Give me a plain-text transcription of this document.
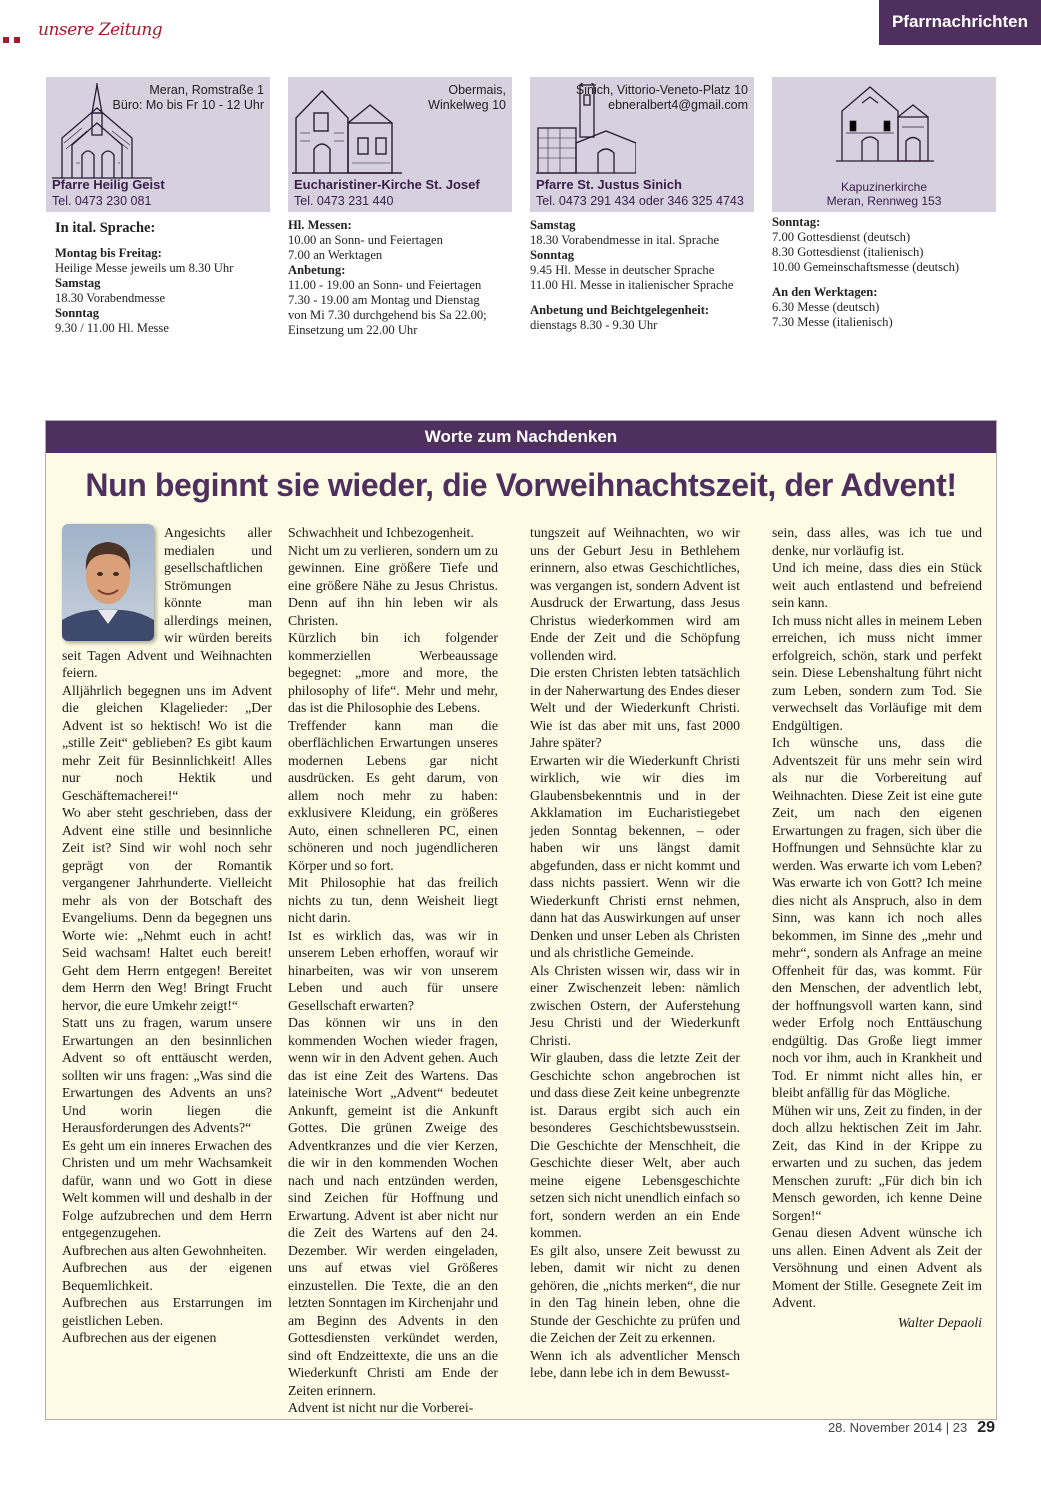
unsere Zeitung	Pfarrnachrichten
Meran, Romstraße 1
Büro: Mo bis Fr 10 - 12 Uhr
Pfarre Heilig Geist
Tel. 0473 230 081
Obermais,
Winkelweg 10
Eucharistiner-Kirche St. Josef
Tel. 0473 231 440
Sinich, Vittorio-Veneto-Platz 10
ebneralbert4@gmail.com
Pfarre St. Justus Sinich
Tel. 0473 291 434 oder 346 325 4743
Kapuzinerkirche
Meran, Rennweg 153
In ital. Sprache:
Montag bis Freitag:
Heilige Messe jeweils um 8.30 Uhr
Samstag
18.30 Vorabendmesse
Sonntag
9.30 / 11.00 Hl. Messe
Hl. Messen:
10.00 an Sonn- und Feiertagen
7.00 an Werktagen
Anbetung:
11.00 - 19.00 an Sonn- und Feiertagen
7.30 - 19.00 am Montag und Dienstag
von Mi 7.30 durchgehend bis Sa 22.00;
Einsetzung um 22.00 Uhr
Samstag
18.30 Vorabendmesse in ital. Sprache
Sonntag
9.45 Hl. Messe in deutscher Sprache
11.00 Hl. Messe in italienischer Sprache
Anbetung und Beichtgelegenheit:
dienstags 8.30 - 9.30 Uhr
Sonntag:
7.00 Gottesdienst (deutsch)
8.30 Gottesdienst (italienisch)
10.00 Gemeinschaftsmesse (deutsch)
An den Werktagen:
6.30 Messe (deutsch)
7.30 Messe (italienisch)
Worte zum Nachdenken
Nun beginnt sie wieder, die Vorweihnachtszeit, der Advent!

Angesichts aller medialen und gesellschaftlichen Strömungen könnte man allerdings meinen, wir würden bereits seit Tagen Advent und Weihnachten feiern.

Alljährlich begegnen uns im Advent die gleichen Klagelieder: „Der Advent ist so hektisch! Wo ist die „stille Zeit“ geblieben? Es gibt kaum mehr Zeit für Besinnlichkeit! Alles nur noch Hektik und Geschäftemacherei!“

Wo aber steht geschrieben, dass der Advent eine stille und besinnliche Zeit ist? Sind wir wohl noch sehr geprägt von der Romantik vergangener Jahrhunderte. Vielleicht mehr als von der Botschaft des Evangeliums. Denn da begegnen uns Worte wie: „Nehmt euch in acht! Seid wachsam! Haltet euch bereit! Geht dem Herrn entgegen! Bereitet dem Herrn den Weg! Bringt Frucht hervor, die eure Umkehr zeigt!“

Statt uns zu fragen, warum unsere Erwartungen an den besinnlichen Advent so oft enttäuscht werden, sollten wir uns fragen: „Was sind die Erwartungen des Advents an uns? Und worin liegen die Herausforderungen des Advents?“

Es geht um ein inneres Erwachen des Christen und um mehr Wachsamkeit dafür, wann und wo Gott in diese Welt kommen will und deshalb in der Folge aufzubrechen und dem Herrn entgegenzugehen.

Aufbrechen aus alten Gewohnheiten.

Aufbrechen aus der eigenen Bequemlichkeit.

Aufbrechen aus Erstarrungen im geistlichen Leben.

Aufbrechen aus der eigenen

Schwachheit und Ichbezogenheit.

Nicht um zu verlieren, sondern um zu gewinnen. Eine größere Tiefe und eine größere Nähe zu Jesus Christus. Denn auf ihn hin leben wir als Christen.

Kürzlich bin ich folgender kommerziellen Werbeaussage begegnet: „more and more, the philosophy of life“. Mehr und mehr, das ist die Philosophie des Lebens.

Treffender kann man die oberflächlichen Erwartungen unseres modernen Lebens gar nicht ausdrücken. Es geht darum, von allem noch mehr zu haben: exklusivere Kleidung, ein größeres Auto, einen schnelleren PC, einen schöneren und noch jugendlicheren Körper und so fort.

Mit Philosophie hat das freilich nichts zu tun, denn Weisheit liegt nicht darin.

Ist es wirklich das, was wir in unserem Leben erhoffen, worauf wir hinarbeiten, was wir von unserem Leben und auch für unsere Gesellschaft erwarten?

Das können wir uns in den kommenden Wochen wieder fragen, wenn wir in den Advent gehen. Auch das ist eine Zeit des Wartens. Das lateinische Wort „Advent“ bedeutet Ankunft, gemeint ist die Ankunft Gottes. Die grünen Zweige des Adventkranzes und die vier Kerzen, die wir in den kommenden Wochen nach und nach entzünden werden, sind Zeichen für Hoffnung und Erwartung. Advent ist aber nicht nur die Zeit des Wartens auf den 24. Dezember. Wir werden eingeladen, uns auf etwas viel Größeres einzustellen. Die Texte, die an den letzten Sonntagen im Kirchenjahr und am Beginn des Advents in den Gottesdiensten verkündet werden, sind oft Endzeittexte, die uns an die Wiederkunft Christi am Ende der Zeiten erinnern.

Advent ist nicht nur die Vorberei-

tungszeit auf Weihnachten, wo wir uns der Geburt Jesu in Bethlehem erinnern, also etwas Geschichtliches, was vergangen ist, sondern Advent ist Ausdruck der Erwartung, dass Jesus Christus wiederkommen wird am Ende der Zeit und die Schöpfung vollenden wird.

Die ersten Christen lebten tatsächlich in der Naherwartung des Endes dieser Welt und der Wiederkunft Christi. Wie ist das aber mit uns, fast 2000 Jahre später?

Erwarten wir die Wiederkunft Christi wirklich, wie wir dies im Glaubensbekenntnis und in der Akklamation im Eucharistiegebet jeden Sonntag bekennen, – oder haben wir uns längst damit abgefunden, dass er nicht kommt und dass nichts passiert. Wenn wir die Wiederkunft Christi ernst nehmen, dann hat das Auswirkungen auf unser Denken und unser Leben als Christen und als christliche Gemeinde.

Als Christen wissen wir, dass wir in einer Zwischenzeit leben: nämlich zwischen Ostern, der Auferstehung Jesu Christi und der Wiederkunft Christi.

Wir glauben, dass die letzte Zeit der Geschichte schon angebrochen ist und dass diese Zeit keine unbegrenzte ist. Daraus ergibt sich auch ein besonderes Geschichtsbewusstsein. Die Geschichte der Menschheit, die Geschichte dieser Welt, aber auch meine eigene Lebensgeschichte setzen sich nicht unendlich einfach so fort, sondern werden an ein Ende kommen.

Es gilt also, unsere Zeit bewusst zu leben, damit wir nicht zu denen gehören, die „nichts merken“, die nur in den Tag hinein leben, ohne die Stunde der Geschichte zu prüfen und die Zeichen der Zeit zu erkennen.

Wenn ich als adventlicher Mensch lebe, dann lebe ich in dem Bewusst-

sein, dass alles, was ich tue und denke, nur vorläufig ist.

Und ich meine, dass dies ein Stück weit auch entlastend und befreiend sein kann.

Ich muss nicht alles in meinem Leben erreichen, ich muss nicht immer erfolgreich, schön, stark und perfekt sein. Diese Lebenshaltung führt nicht zum Leben, sondern zum Tod. Sie verwechselt das Vorläufige mit dem Endgültigen.

Ich wünsche uns, dass die Adventszeit für uns mehr sein wird als nur die Vorbereitung auf Weihnachten. Diese Zeit ist eine gute Zeit, um nach den eigenen Erwartungen zu fragen, sich über die Hoffnungen und Sehnsüchte klar zu werden. Was erwarte ich vom Leben? Was erwarte ich von Gott? Ich meine dies nicht als Anspruch, also in dem Sinn, was kann ich noch alles bekommen, im Sinne des „mehr und mehr“, sondern als Anfrage an meine Offenheit für das, was kommt. Für den Menschen, der adventlich lebt, der hoffnungsvoll warten kann, sind weder Erfolg noch Enttäuschung endgültig. Das Große liegt immer noch vor ihm, auch in Krankheit und Tod. Er nimmt nicht alles hin, er bleibt anfällig für das Mögliche.

Mühen wir uns, Zeit zu finden, in der doch allzu hektischen Zeit im Jahr. Zeit, das Kind in der Krippe zu erwarten und zu suchen, das jedem Menschen zuruft: „Für dich bin ich Mensch geworden, ich kenne Deine Sorgen!“

Genau diesen Advent wünsche ich uns allen. Einen Advent als Zeit der Versöhnung und einen Advent als Moment der Stille. Gesegnete Zeit im Advent.

Walter Depaoli
28. November 2014 | 23 29
